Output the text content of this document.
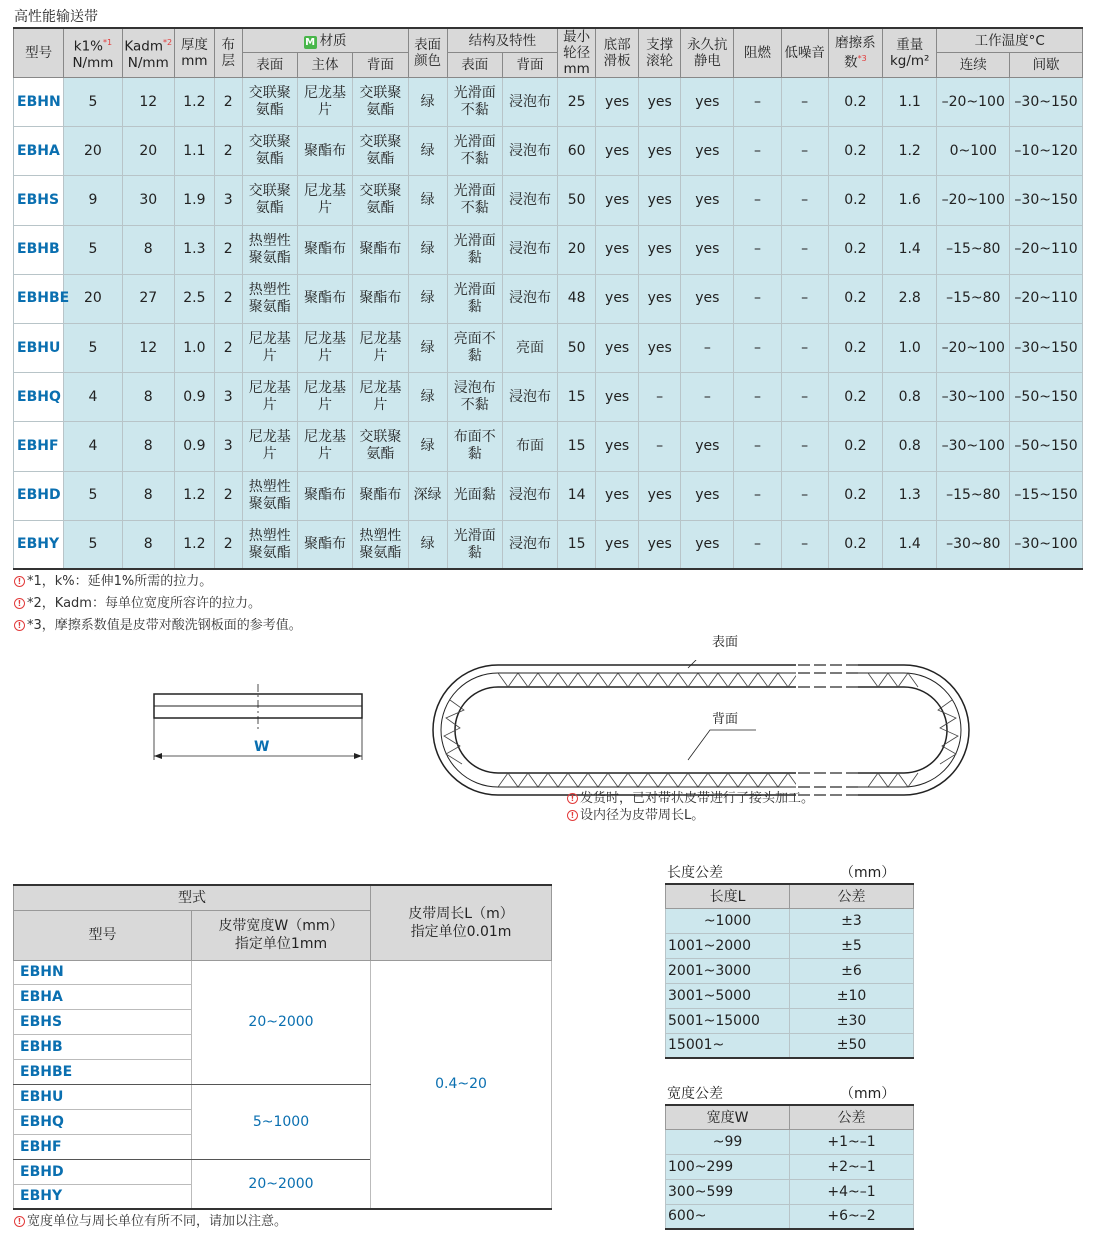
高性能输送带
型号	k1%$^{*1}$
N/mm	Kadm$^{*2}$
N/mm	厚度
mm	布层	M 材质			表面颜色	结构及特性		最小轮径
mm	底部滑板	支撑滚轮	永久抗静电	阻燃	低噪音	磨擦系数$^{*3}$	重量
kg/m²	工作温度°C	
					表面	主体	背面		表面	背面									连续	间歇
EBHN	5	12	1.2	2	交联聚氨酯	尼龙基片	交联聚氨酯	绿	光滑面不黏	浸泡布	25	yes	yes	yes	–	–	0.2	1.1	–20~100	–30~150
EBHA	20	20	1.1	2	交联聚氨酯	聚酯布	交联聚氨酯	绿	光滑面不黏	浸泡布	60	yes	yes	yes	–	–	0.2	1.2	0~100	–10~120
EBHS	9	30	1.9	3	交联聚氨酯	尼龙基片	交联聚氨酯	绿	光滑面不黏	浸泡布	50	yes	yes	yes	–	–	0.2	1.6	–20~100	–30~150
EBHB	5	8	1.3	2	热塑性聚氨酯	聚酯布	聚酯布	绿	光滑面黏	浸泡布	20	yes	yes	yes	–	–	0.2	1.4	–15~80	–20~110
EBHBE	20	27	2.5	2	热塑性聚氨酯	聚酯布	聚酯布	绿	光滑面黏	浸泡布	48	yes	yes	yes	–	–	0.2	2.8	–15~80	–20~110
EBHU	5	12	1.0	2	尼龙基片	尼龙基片	尼龙基片	绿	亮面不黏	亮面	50	yes	yes	–	–	–	0.2	1.0	–20~100	–30~150
EBHQ	4	8	0.9	3	尼龙基片	尼龙基片	尼龙基片	绿	浸泡布不黏	浸泡布	15	yes	–	–	–	–	0.2	0.8	–30~100	–50~150
EBHF	4	8	0.9	3	尼龙基片	尼龙基片	交联聚氨酯	绿	布面不黏	布面	15	yes	–	yes	–	–	0.2	0.8	–30~100	–50~150
EBHD	5	8	1.2	2	热塑性聚氨酯	聚酯布	聚酯布	深绿	光面黏	浸泡布	14	yes	yes	yes	–	–	0.2	1.3	–15~80	–15~150
EBHY	5	8	1.2	2	热塑性聚氨酯	聚酯布	热塑性聚氨酯	绿	光滑面黏	浸泡布	15	yes	yes	yes	–	–	0.2	1.4	–30~80	–30~100
! *1，k%：延伸1%所需的拉力。
! *2，Kadm：每单位宽度所容许的拉力。
! *3，摩擦系数值是皮带对酸洗钢板面的参考值。
W
表面
背面
! 发货时，已对带状皮带进行了接头加工。
! 设内径为皮带周长L。
型式		皮带周长L（m）
指定单位0.01m
型号	皮带宽度W（mm）
指定单位1mm	
EBHN	20~2000	0.4~20
EBHA		
EBHS		
EBHB		
EBHBE		
EBHU	5~1000	
EBHQ		
EBHF		
EBHD	20~2000	
EBHY		
! 宽度单位与周长单位有所不同，请加以注意。
长度公差	（mm）
长度L	公差
~1000	±3
1001~2000	±5
2001~3000	±6
3001~5000	±10
5001~15000	±30
15001~	±50
宽度公差	（mm）
宽度W	公差
~99	+1~–1
100~299	+2~–1
300~599	+4~–1
600~	+6~–2
